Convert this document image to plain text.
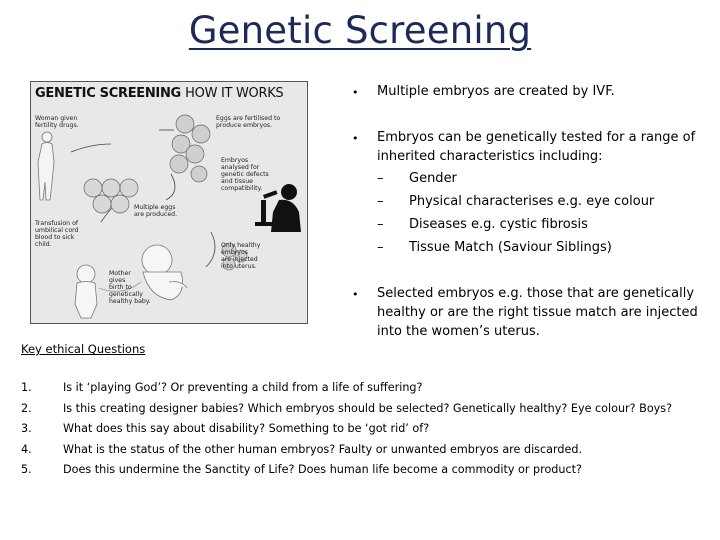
Genetic Screening
GENETIC SCREENING HOW IT WORKS
Woman given
fertility drugs.
Eggs are fertilised to
produce embryos.
Embryos
analysed for
genetic defects
and tissue
compatibility.
Multiple eggs
are produced.
Transfusion of
umbilical cord
blood to sick
child.	Only healthy
embryos
are injected
into uterus.
Mother
gives
birth to
genetically
healthy baby.
• Multiple embryos are created by IVF.
• Embryos can be genetically tested for a range of inherited characteristics including:
– Gender
– Physical characterises e.g. eye colour
– Diseases e.g. cystic fibrosis
– Tissue Match (Saviour Siblings)
• Selected embryos e.g. those that are genetically healthy or are the right tissue match are injected into the women’s uterus.
Key ethical Questions
1.	Is it ‘playing God’? Or preventing a child from a life of suffering?
2.	Is this creating designer babies? Which embryos should be selected? Genetically healthy? Eye colour? Boys?
3.	What does this say about disability? Something to be ‘got rid’ of?
4.	What is the status of the other human embryos? Faulty or unwanted embryos are discarded.
5.	Does this undermine the Sanctity of Life? Does human life become a commodity or product?
